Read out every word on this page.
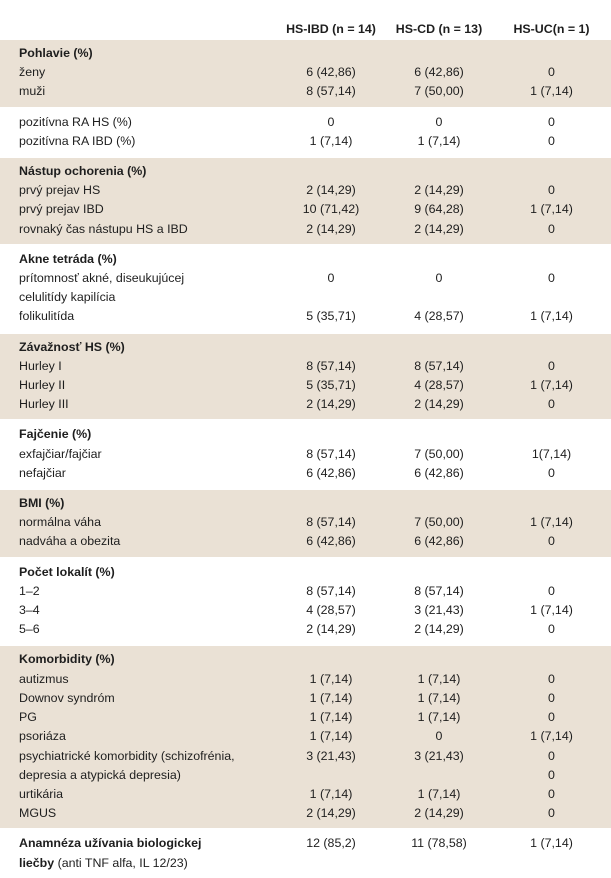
	HS-IBD (n = 14)	HS-CD (n = 13)	HS-UC(n = 1)
Pohlavie (%)			
ženy	6 (42,86)	6 (42,86)	0
muži	8 (57,14)	7 (50,00)	1 (7,14)
pozitívna RA HS (%)	0	0	0
pozitívna RA IBD (%)	1 (7,14)	1 (7,14)	0
Nástup ochorenia (%)			
prvý prejav HS	2 (14,29)	2 (14,29)	0
prvý prejav IBD	10 (71,42)	9 (64,28)	1 (7,14)
rovnaký čas nástupu HS a IBD	2 (14,29)	2 (14,29)	0
Akne tetráda (%)			
prítomnosť akné, diseukujúcej	0	0	0
celulitídy kapilícia			
folikulitída	5 (35,71)	4 (28,57)	1 (7,14)
Závažnosť HS (%)			
Hurley I	8 (57,14)	8 (57,14)	0
Hurley II	5 (35,71)	4 (28,57)	1 (7,14)
Hurley III	2 (14,29)	2 (14,29)	0
Fajčenie (%)			
exfajčiar/fajčiar	8 (57,14)	7 (50,00)	1(7,14)
nefajčiar	6 (42,86)	6 (42,86)	0
BMI (%)			
normálna váha	8 (57,14)	7 (50,00)	1 (7,14)
nadváha a obezita	6 (42,86)	6 (42,86)	0
Počet lokalít (%)			
1–2	8 (57,14)	8 (57,14)	0
3–4	4 (28,57)	3 (21,43)	1 (7,14)
5–6	2 (14,29)	2 (14,29)	0
Komorbidity (%)			
autizmus	1 (7,14)	1 (7,14)	0
Downov syndróm	1 (7,14)	1 (7,14)	0
PG	1 (7,14)	1 (7,14)	0
psoriáza	1 (7,14)	0	1 (7,14)
psychiatrické komorbidity (schizofrénia,	3 (21,43)	3 (21,43)	0
depresia a atypická depresia)			0
urtikária	1 (7,14)	1 (7,14)	0
MGUS	2 (14,29)	2 (14,29)	0
Anamnéza užívania biologickej	12 (85,2)	11 (78,58)	1 (7,14)
liečby (anti TNF alfa, IL 12/23)			
